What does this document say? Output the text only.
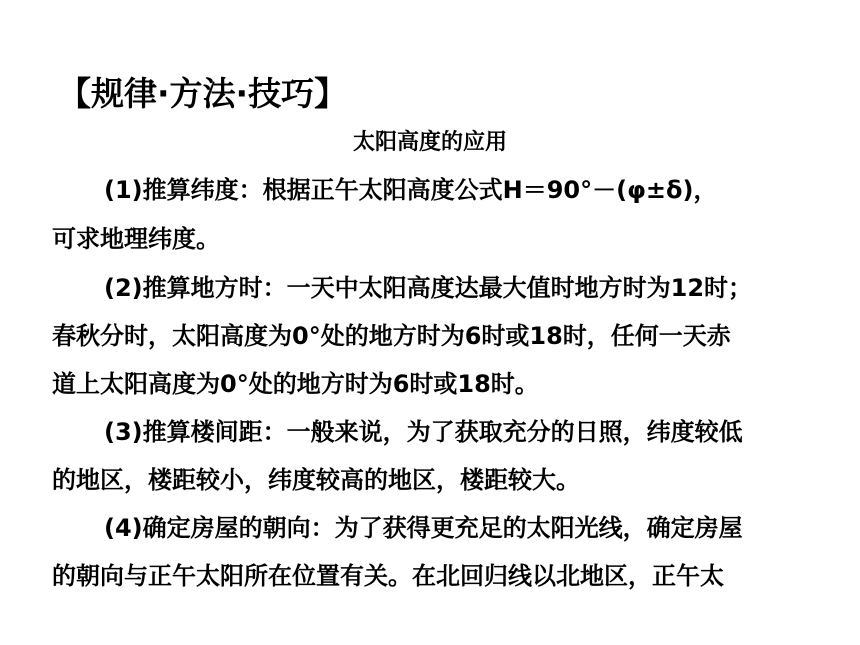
【规律·方法·技巧】
太阳高度的应用
(1)推算纬度：根据正午太阳高度公式H＝90°－(φ±δ)，
可求地理纬度。
(2)推算地方时：一天中太阳高度达最大值时地方时为12时；
春秋分时，太阳高度为0°处的地方时为6时或18时，任何一天赤
道上太阳高度为0°处的地方时为6时或18时。
(3)推算楼间距：一般来说，为了获取充分的日照，纬度较低
的地区，楼距较小，纬度较高的地区，楼距较大。
(4)确定房屋的朝向：为了获得更充足的太阳光线，确定房屋
的朝向与正午太阳所在位置有关。在北回归线以北地区，正午太
